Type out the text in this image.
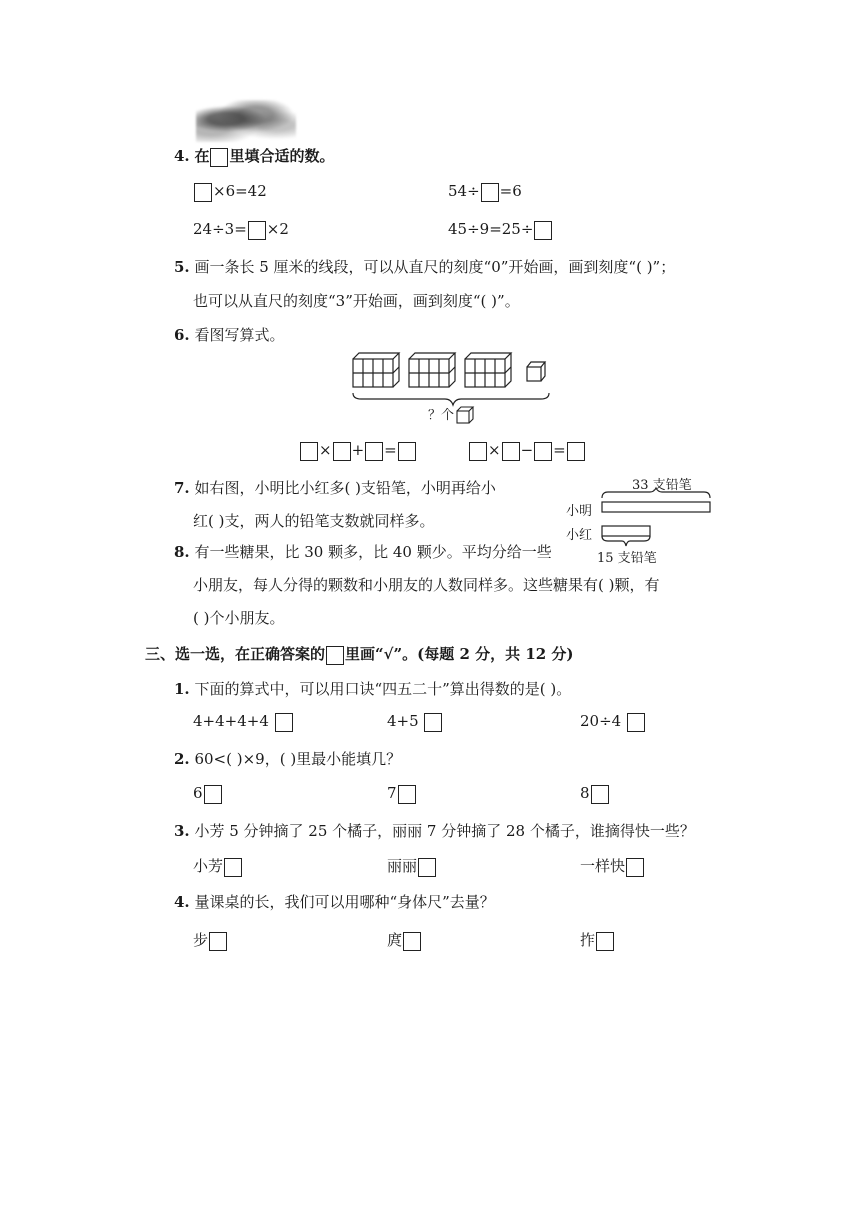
4. 在 里填合适的数。
×6=42	54÷ =6
24÷3= ×2	45÷9=25÷
5. 画一条长 5 厘米的线段，可以从直尺的刻度“0”开始画，画到刻度“( )”；
也可以从直尺的刻度“3”开始画，画到刻度“( )”。
6. 看图写算式。
？个
× + =	× − =
7. 如右图，小明比小红多( )支铅笔，小明再给小
红( )支，两人的铅笔支数就同样多。
33 支铅笔
小明
小红
15 支铅笔
8. 有一些糖果，比 30 颗多，比 40 颗少。平均分给一些
小朋友，每人分得的颗数和小朋友的人数同样多。这些糖果有( )颗，有
( )个小朋友。
三、选一选，在正确答案的 里画“√”。(每题 2 分，共 12 分)
1. 下面的算式中，可以用口诀“四五二十”算出得数的是( )。
4+4+4+4	4+5	20÷4
2. 60<( )×9，( )里最小能填几？
6	7	8
3. 小芳 5 分钟摘了 25 个橘子，丽丽 7 分钟摘了 28 个橘子，谁摘得快一些？
小芳	丽丽	一样快
4. 量课桌的长，我们可以用哪种“身体尺”去量？
步	庹	拃
